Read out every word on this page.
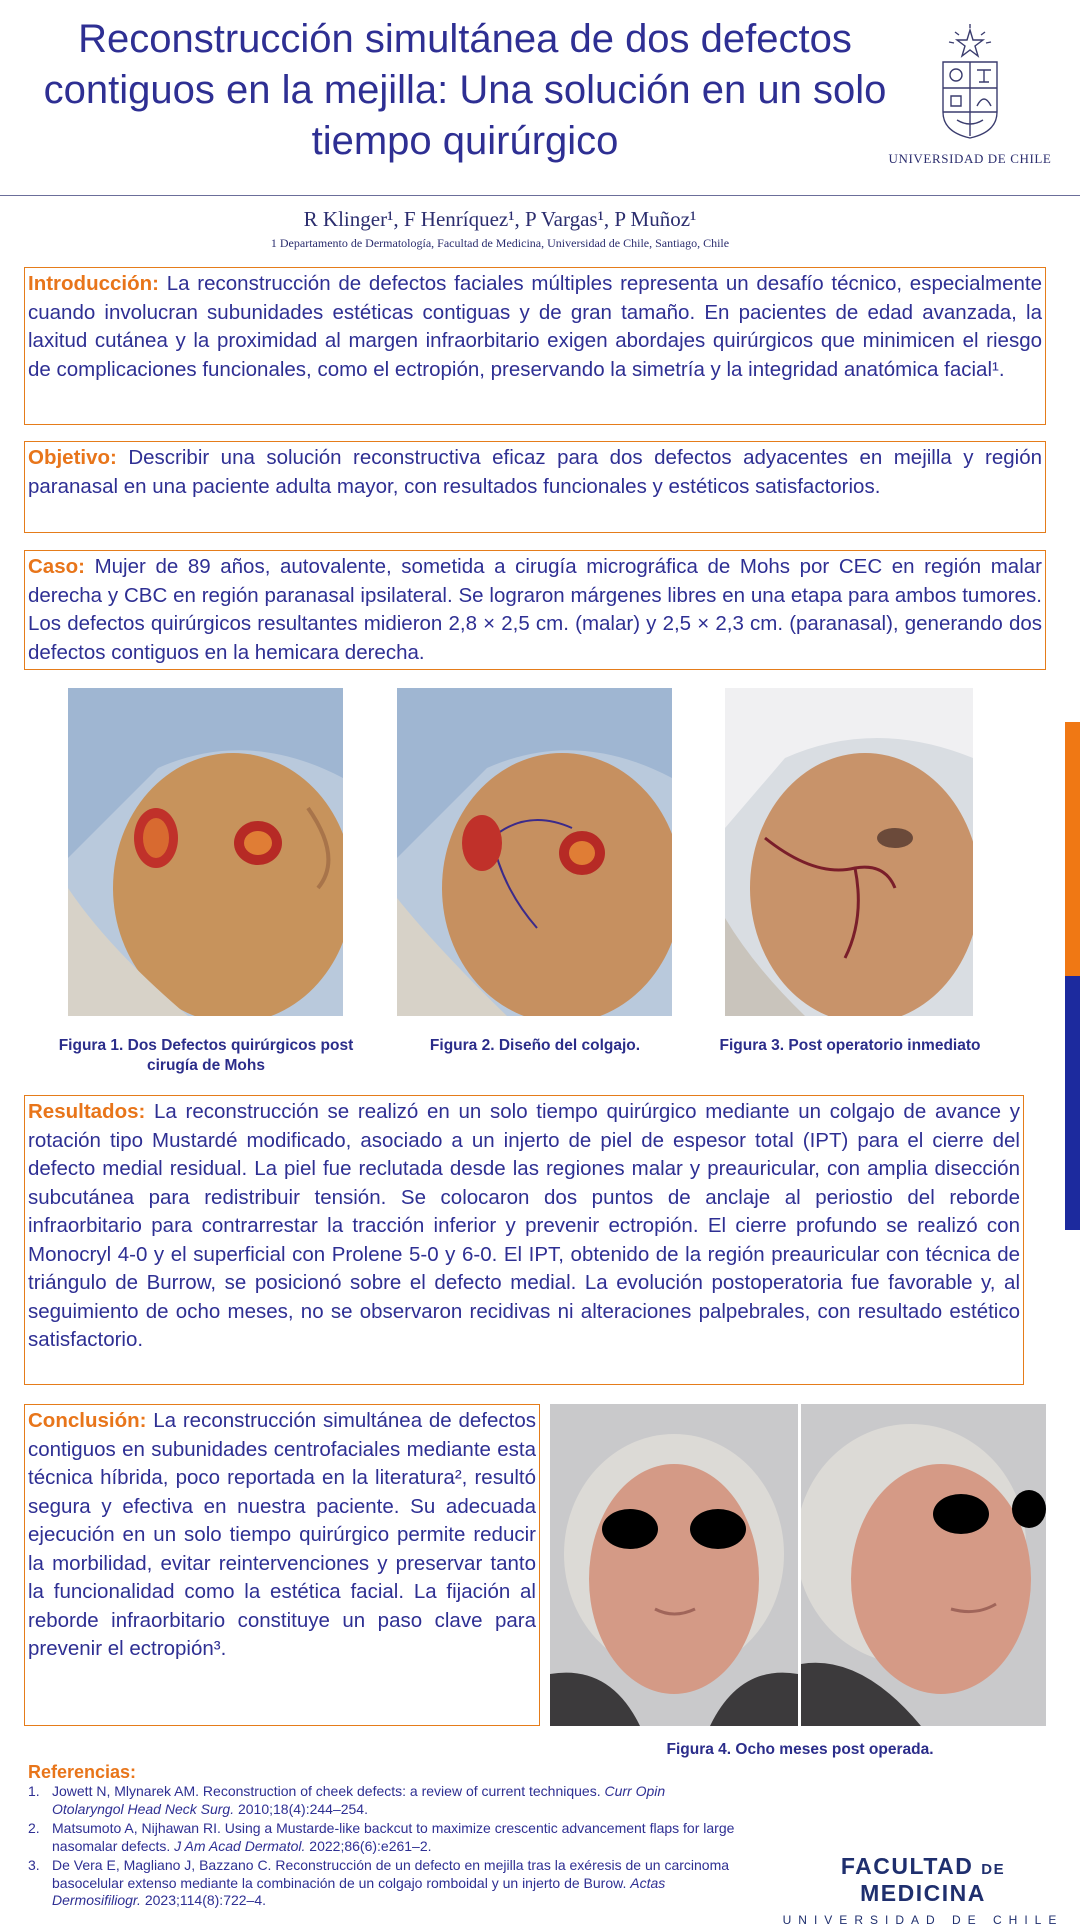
Reconstrucción simultánea de dos defectos contiguos en la mejilla: Una solución en un solo tiempo quirúrgico	UNIVERSIDAD DE CHILE
R Klinger¹, F Henríquez¹, P Vargas¹, P Muñoz¹
1 Departamento de Dermatología, Facultad de Medicina, Universidad de Chile, Santiago, Chile
Introducción: La reconstrucción de defectos faciales múltiples representa un desafío técnico, especialmente cuando involucran subunidades estéticas contiguas y de gran tamaño. En pacientes de edad avanzada, la laxitud cutánea y la proximidad al margen infraorbitario exigen abordajes quirúrgicos que minimicen el riesgo de complicaciones funcionales, como el ectropión, preservando la simetría y la integridad anatómica facial¹.
Objetivo: Describir una solución reconstructiva eficaz para dos defectos adyacentes en mejilla y región paranasal en una paciente adulta mayor, con resultados funcionales y estéticos satisfactorios.
Caso: Mujer de 89 años, autovalente, sometida a cirugía micrográfica de Mohs por CEC en región malar derecha y CBC en región paranasal ipsilateral. Se lograron márgenes libres en una etapa para ambos tumores. Los defectos quirúrgicos resultantes midieron 2,8 × 2,5 cm. (malar) y 2,5 × 2,3 cm. (paranasal), generando dos defectos contiguos en la hemicara derecha.
Figura 1. Dos Defectos quirúrgicos post cirugía de Mohs
Figura 2. Diseño del colgajo.	Figura 3. Post operatorio inmediato
Resultados: La reconstrucción se realizó en un solo tiempo quirúrgico mediante un colgajo de avance y rotación tipo Mustardé modificado, asociado a un injerto de piel de espesor total (IPT) para el cierre del defecto medial residual. La piel fue reclutada desde las regiones malar y preauricular, con amplia disección subcutánea para redistribuir tensión. Se colocaron dos puntos de anclaje al periostio del reborde infraorbitario para contrarrestar la tracción inferior y prevenir ectropión. El cierre profundo se realizó con Monocryl 4-0 y el superficial con Prolene 5-0 y 6-0. El IPT, obtenido de la región preauricular con técnica de triángulo de Burrow, se posicionó sobre el defecto medial. La evolución postoperatoria fue favorable y, al seguimiento de ocho meses, no se observaron recidivas ni alteraciones palpebrales, con resultado estético satisfactorio.
Conclusión: La reconstrucción simultánea de defectos contiguos en subunidades centrofaciales mediante esta técnica híbrida, poco reportada en la literatura², resultó segura y efectiva en nuestra paciente. Su adecuada ejecución en un solo tiempo quirúrgico permite reducir la morbilidad, evitar reintervenciones y preservar tanto la funcionalidad como la estética facial. La fijación al reborde infraorbitario constituye un paso clave para prevenir el ectropión³.
Figura 4. Ocho meses post operada.
Referencias:
1. Jowett N, Mlynarek AM. Reconstruction of cheek defects: a review of current techniques. Curr Opin Otolaryngol Head Neck Surg. 2010;18(4):244–254.
2. Matsumoto A, Nijhawan RI. Using a Mustarde-like backcut to maximize crescentic advancement flaps for large nasomalar defects. J Am Acad Dermatol. 2022;86(6):e261–2.
3. De Vera E, Magliano J, Bazzano C. Reconstrucción de un defecto en mejilla tras la exéresis de un carcinoma basocelular extenso mediante la combinación de un colgajo romboidal y un injerto de Burow. Actas Dermosifiliogr. 2023;114(8):722–4.
FACULTAD DE MEDICINA
UNIVERSIDAD DE CHILE
